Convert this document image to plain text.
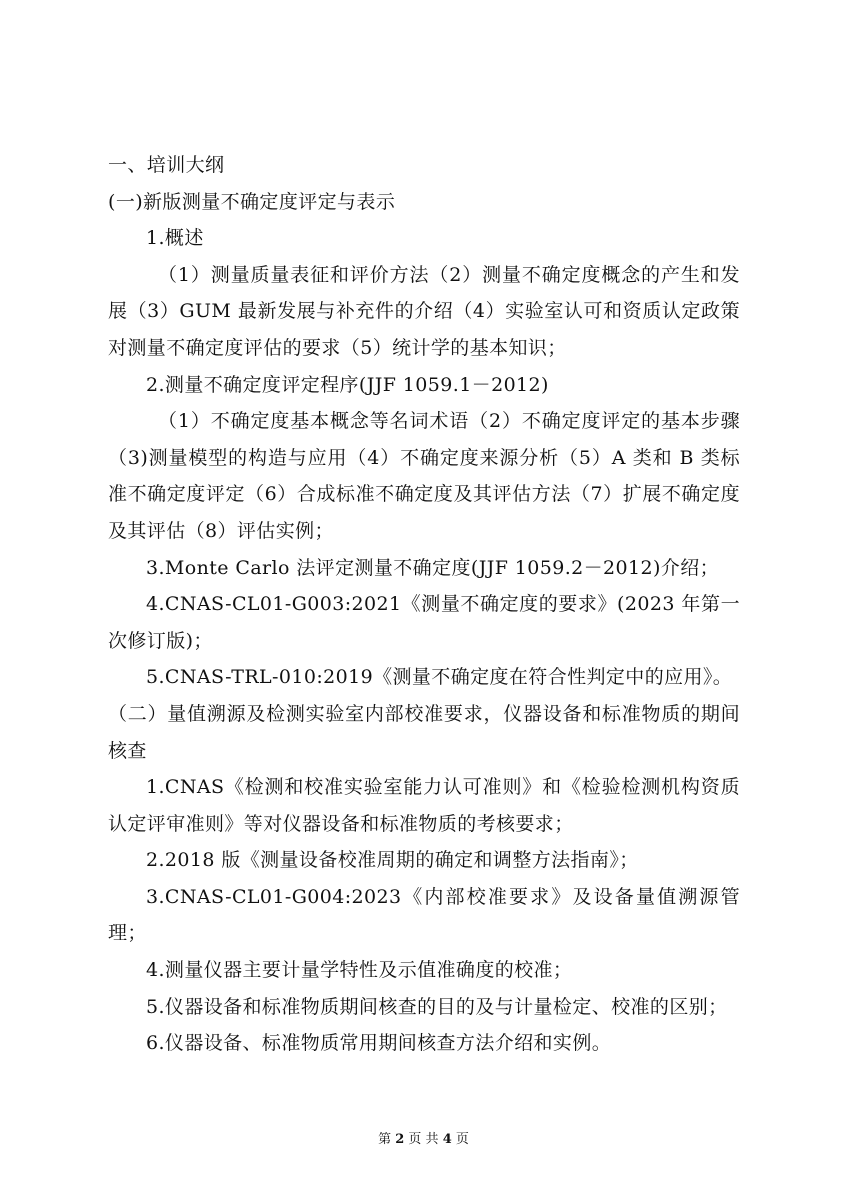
一、培训大纲

(一)新版测量不确定度评定与表示

1.概述

（1）测量质量表征和评价方法（2）测量不确定度概念的产生和发展（3）GUM 最新发展与补充件的介绍（4）实验室认可和资质认定政策对测量不确定度评估的要求（5）统计学的基本知识；

2.测量不确定度评定程序(JJF 1059.1－2012)

（1）不确定度基本概念等名词术语（2）不确定度评定的基本步骤（3)测量模型的构造与应用（4）不确定度来源分析（5）A 类和 B 类标准不确定度评定（6）合成标准不确定度及其评估方法（7）扩展不确定度及其评估（8）评估实例；

3.Monte Carlo 法评定测量不确定度(JJF 1059.2－2012)介绍；

4.CNAS-CL01-G003:2021《测量不确定度的要求》(2023 年第一次修订版)；

5.CNAS-TRL-010:2019《测量不确定度在符合性判定中的应用》。

（二）量值溯源及检测实验室内部校准要求，仪器设备和标准物质的期间核查

1.CNAS《检测和校准实验室能力认可准则》和《检验检测机构资质认定评审准则》等对仪器设备和标准物质的考核要求；

2.2018 版《测量设备校准周期的确定和调整方法指南》；

3.CNAS-CL01-G004:2023《内部校准要求》及设备量值溯源管理；

4.测量仪器主要计量学特性及示值准确度的校准；

5.仪器设备和标准物质期间核查的目的及与计量检定、校准的区别；

6.仪器设备、标准物质常用期间核查方法介绍和实例。

第 2 页 共 4 页
